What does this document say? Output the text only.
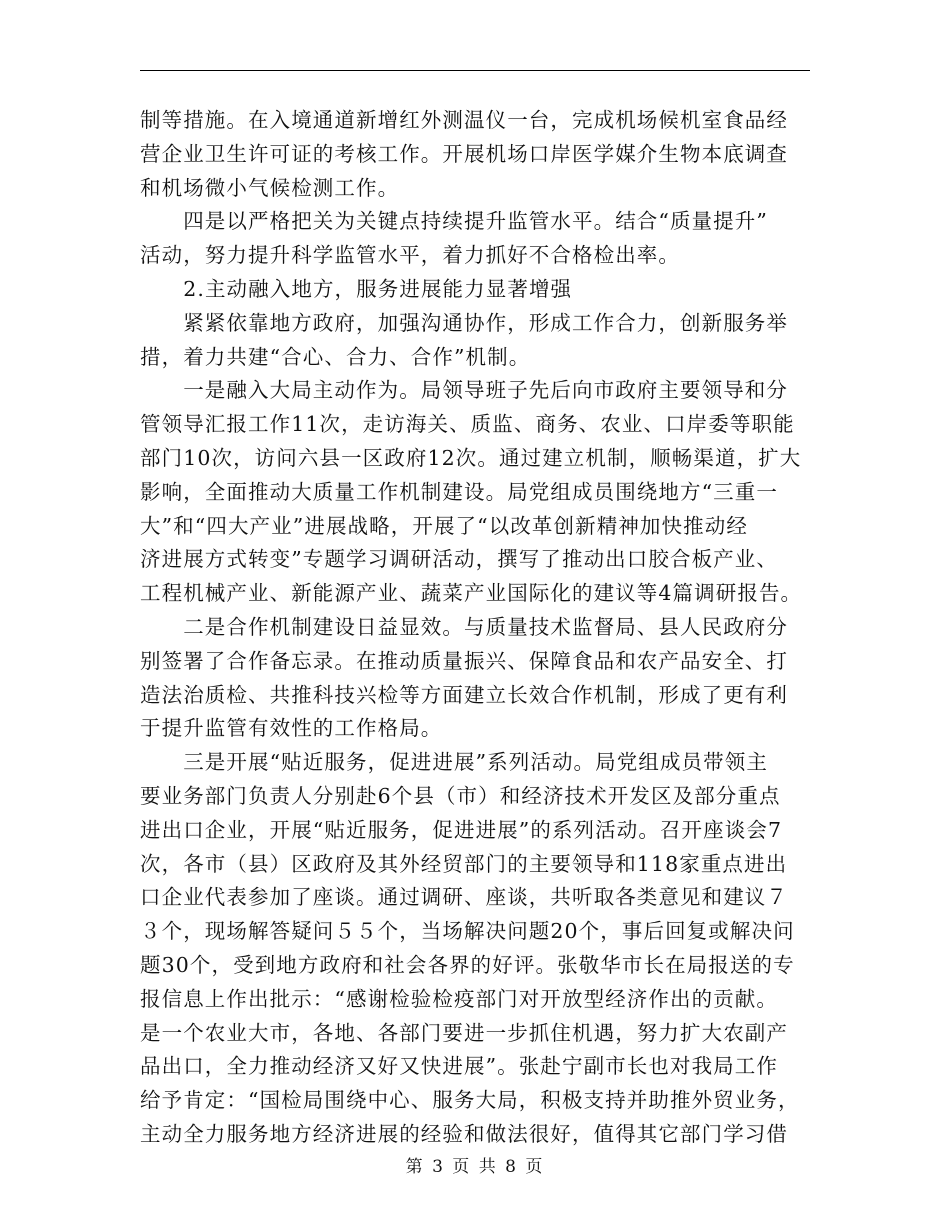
制等措施。在入境通道新增红外测温仪一台，完成机场候机室食品经
营企业卫生许可证的考核工作。开展机场口岸医学媒介生物本底调查
和机场微小气候检测工作。
　　四是以严格把关为关键点持续提升监管水平。结合“质量提升”
活动，努力提升科学监管水平，着力抓好不合格检出率。
　　2.主动融入地方，服务进展能力显著增强
　　紧紧依靠地方政府，加强沟通协作，形成工作合力，创新服务举
措，着力共建“合心、合力、合作”机制。
　　一是融入大局主动作为。局领导班子先后向市政府主要领导和分
管领导汇报工作11次，走访海关、质监、商务、农业、口岸委等职能
部门10次，访问六县一区政府12次。通过建立机制，顺畅渠道，扩大
影响，全面推动大质量工作机制建设。局党组成员围绕地方“三重一
大”和“四大产业”进展战略，开展了“以改革创新精神加快推动经
济进展方式转变”专题学习调研活动，撰写了推动出口胶合板产业、
工程机械产业、新能源产业、蔬菜产业国际化的建议等4篇调研报告。
　　二是合作机制建设日益显效。与质量技术监督局、县人民政府分
别签署了合作备忘录。在推动质量振兴、保障食品和农产品安全、打
造法治质检、共推科技兴检等方面建立长效合作机制，形成了更有利
于提升监管有效性的工作格局。
　　三是开展“贴近服务，促进进展”系列活动。局党组成员带领主
要业务部门负责人分别赴6个县（市）和经济技术开发区及部分重点
进出口企业，开展“贴近服务，促进进展”的系列活动。召开座谈会7
次，各市（县）区政府及其外经贸部门的主要领导和118家重点进出
口企业代表参加了座谈。通过调研、座谈，共听取各类意见和建议７
３个，现场解答疑问５５个，当场解决问题20个，事后回复或解决问
题30个，受到地方政府和社会各界的好评。张敬华市长在局报送的专
报信息上作出批示：“感谢检验检疫部门对开放型经济作出的贡献。
是一个农业大市，各地、各部门要进一步抓住机遇，努力扩大农副产
品出口，全力推动经济又好又快进展”。张赴宁副市长也对我局工作
给予肯定：“国检局围绕中心、服务大局，积极支持并助推外贸业务，
主动全力服务地方经济进展的经验和做法很好，值得其它部门学习借
第 3 页 共 8 页
